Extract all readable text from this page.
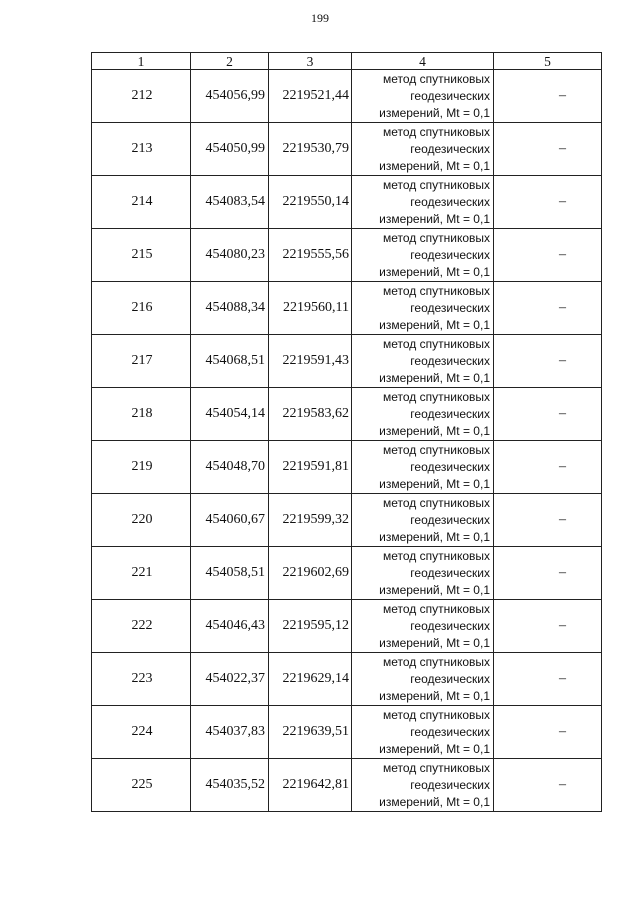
199
1	2	3	4	5
212	454056,99	2219521,44	метод спутниковых
геодезических
измерений, Mt = 0,1	–
213	454050,99	2219530,79	метод спутниковых
геодезических
измерений, Mt = 0,1	–
214	454083,54	2219550,14	метод спутниковых
геодезических
измерений, Mt = 0,1	–
215	454080,23	2219555,56	метод спутниковых
геодезических
измерений, Mt = 0,1	–
216	454088,34	2219560,11	метод спутниковых
геодезических
измерений, Mt = 0,1	–
217	454068,51	2219591,43	метод спутниковых
геодезических
измерений, Mt = 0,1	–
218	454054,14	2219583,62	метод спутниковых
геодезических
измерений, Mt = 0,1	–
219	454048,70	2219591,81	метод спутниковых
геодезических
измерений, Mt = 0,1	–
220	454060,67	2219599,32	метод спутниковых
геодезических
измерений, Mt = 0,1	–
221	454058,51	2219602,69	метод спутниковых
геодезических
измерений, Mt = 0,1	–
222	454046,43	2219595,12	метод спутниковых
геодезических
измерений, Mt = 0,1	–
223	454022,37	2219629,14	метод спутниковых
геодезических
измерений, Mt = 0,1	–
224	454037,83	2219639,51	метод спутниковых
геодезических
измерений, Mt = 0,1	–
225	454035,52	2219642,81	метод спутниковых
геодезических
измерений, Mt = 0,1	–
